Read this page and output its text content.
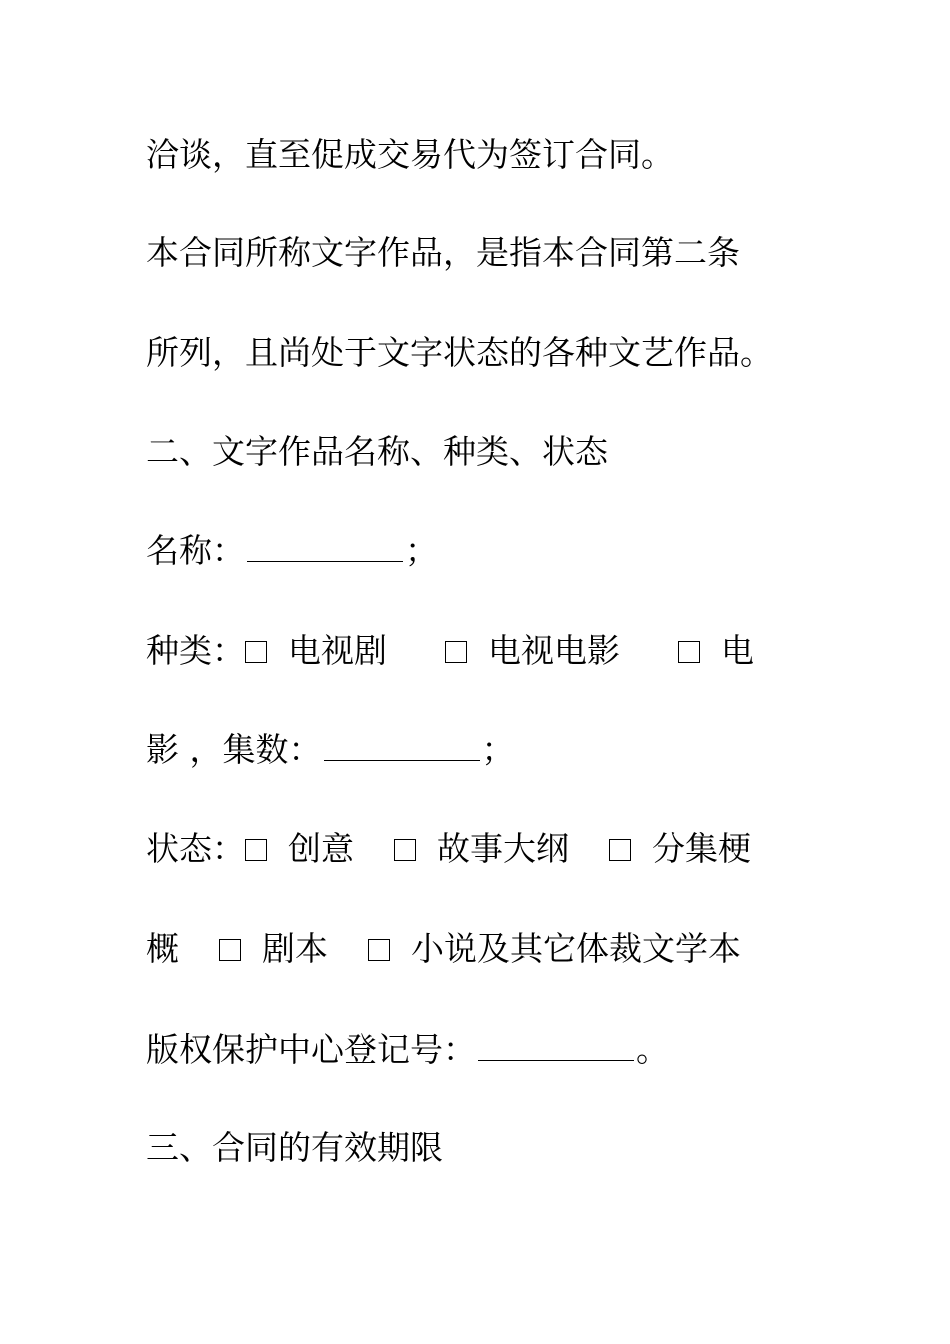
洽谈，直至促成交易代为签订合同。
本合同所称文字作品，是指本合同第二条
所列，且尚处于文字状态的各种文艺作品。
二、文字作品名称、种类、状态
名称：	；
种类： 电视剧	电视电影	电
影 ，集数：	；
状态： 创意	故事大纲	分集梗
概	剧本	小说及其它体裁文学本
版权保护中心登记号：	。
三、合同的有效期限
